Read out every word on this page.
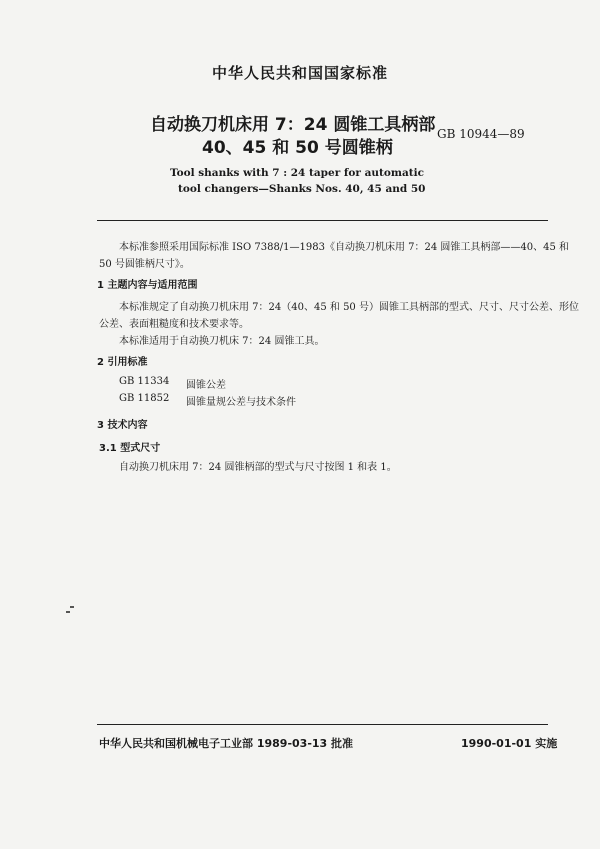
中华人民共和国国家标准
自动换刀机床用 7：24 圆锥工具柄部
40、45 和 50 号圆锥柄
GB 10944—89
Tool shanks with 7 : 24 taper for automatic
tool changers—Shanks Nos. 40, 45 and 50
本标准参照采用国际标准 ISO 7388/1—1983《自动换刀机床用 7：24 圆锥工具柄部——40、45 和
50 号圆锥柄尺寸》。
1 主题内容与适用范围
本标准规定了自动换刀机床用 7：24（40、45 和 50 号）圆锥工具柄部的型式、尺寸、尺寸公差、形位
公差、表面粗糙度和技术要求等。
本标准适用于自动换刀机床 7：24 圆锥工具。
2 引用标准
GB 11334 圆锥公差
GB 11852 圆锥量规公差与技术条件
3 技术内容
3.1 型式尺寸
自动换刀机床用 7：24 圆锥柄部的型式与尺寸按图 1 和表 1。
中华人民共和国机械电子工业部 1989-03-13 批准	1990-01-01 实施
